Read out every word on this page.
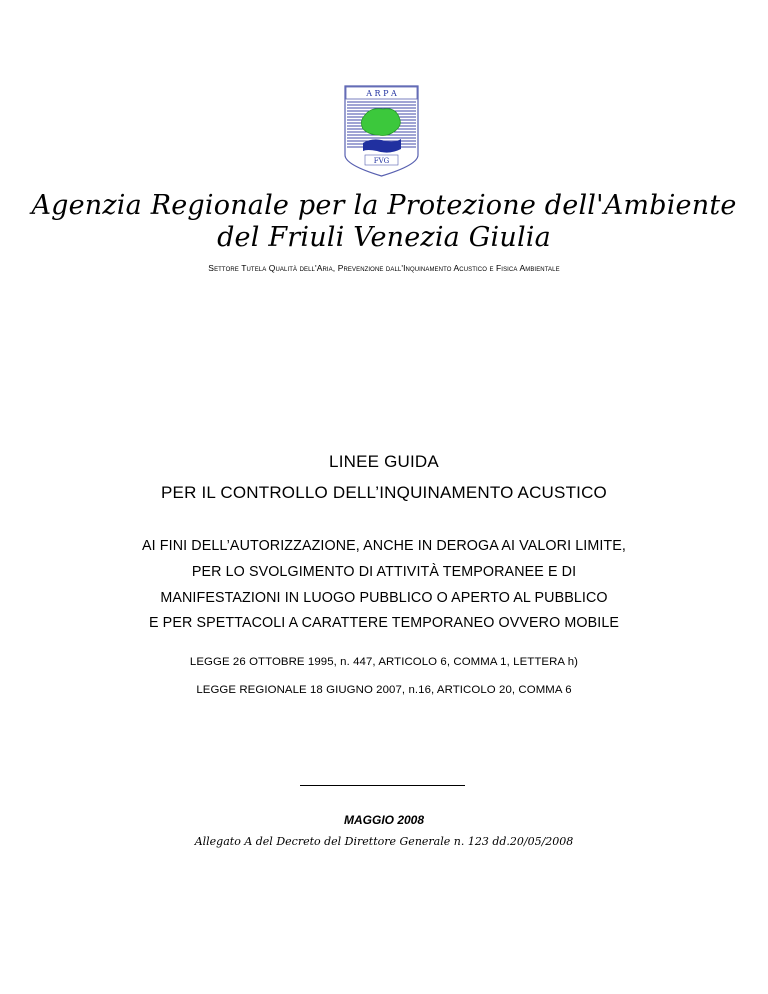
A R P A
FVG
Agenzia Regionale per la Protezione dell'Ambiente
del Friuli Venezia Giulia
Settore Tutela Qualità dell'Aria, Prevenzione dall'Inquinamento Acustico e Fisica Ambientale
LINEE GUIDA
PER IL CONTROLLO DELL’INQUINAMENTO ACUSTICO
AI FINI DELL’AUTORIZZAZIONE, ANCHE IN DEROGA AI VALORI LIMITE,
PER LO SVOLGIMENTO DI ATTIVITÀ TEMPORANEE E DI
MANIFESTAZIONI IN LUOGO PUBBLICO O APERTO AL PUBBLICO
E PER SPETTACOLI A CARATTERE TEMPORANEO OVVERO MOBILE
LEGGE 26 OTTOBRE 1995, n. 447, ARTICOLO 6, COMMA 1, LETTERA h)
LEGGE REGIONALE 18 GIUGNO 2007, n.16, ARTICOLO 20, COMMA 6
MAGGIO 2008
Allegato A del Decreto del Direttore Generale n. 123 dd.20/05/2008
